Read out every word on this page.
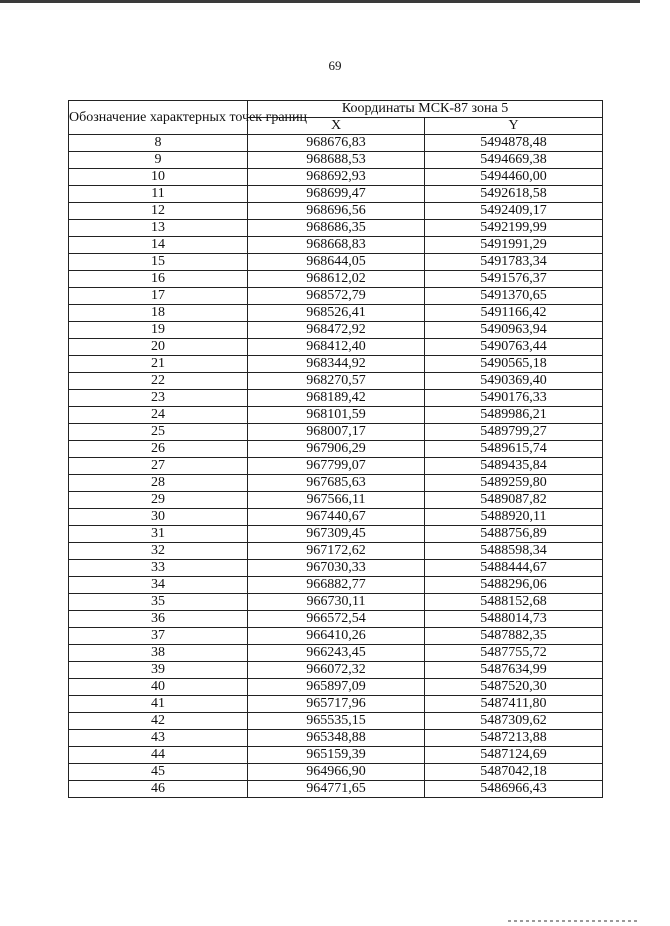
69
Обозначение характерных точек границ	Координаты МСК-87 зона 5	
	X	Y
8	968676,83	5494878,48
9	968688,53	5494669,38
10	968692,93	5494460,00
11	968699,47	5492618,58
12	968696,56	5492409,17
13	968686,35	5492199,99
14	968668,83	5491991,29
15	968644,05	5491783,34
16	968612,02	5491576,37
17	968572,79	5491370,65
18	968526,41	5491166,42
19	968472,92	5490963,94
20	968412,40	5490763,44
21	968344,92	5490565,18
22	968270,57	5490369,40
23	968189,42	5490176,33
24	968101,59	5489986,21
25	968007,17	5489799,27
26	967906,29	5489615,74
27	967799,07	5489435,84
28	967685,63	5489259,80
29	967566,11	5489087,82
30	967440,67	5488920,11
31	967309,45	5488756,89
32	967172,62	5488598,34
33	967030,33	5488444,67
34	966882,77	5488296,06
35	966730,11	5488152,68
36	966572,54	5488014,73
37	966410,26	5487882,35
38	966243,45	5487755,72
39	966072,32	5487634,99
40	965897,09	5487520,30
41	965717,96	5487411,80
42	965535,15	5487309,62
43	965348,88	5487213,88
44	965159,39	5487124,69
45	964966,90	5487042,18
46	964771,65	5486966,43
